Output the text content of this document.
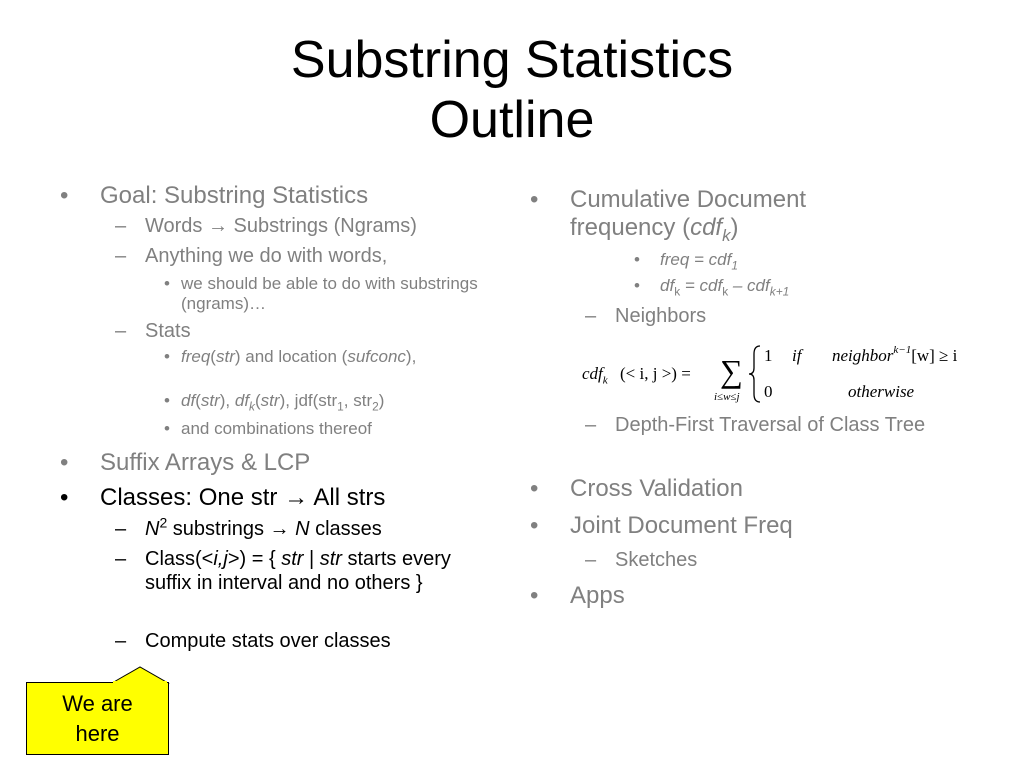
Substring Statistics
Outline
• Goal: Substring Statistics
– Words → Substrings (Ngrams)
– Anything we do with words,
• we should be able to do with substrings (ngrams)…
– Stats
• freq(str) and location (sufconc),
• df(str), $df_k(str)$, jdf(str$_1$, str$_2$)
• and combinations thereof
• Suffix Arrays & LCP
• Classes: One str → All strs
– $N^2$ substrings → N classes
– Class(<i,j>) = { str | str starts every suffix in interval and no others }
– Compute stats over classes
• Cumulative Document frequency (cdf$_k$)
• freq = cdf$_1$
• $df_k = cdf_k - cdf_{k+1}$
– Neighbors
cdf$_k$ (< i, j >) = ∑
i≤w≤j
1 if neighbor$^{k-1}$[w] ≥ i
0	otherwise
– Depth-First Traversal of Class Tree
• Cross Validation
• Joint Document Freq
– Sketches
• Apps
We are
here
